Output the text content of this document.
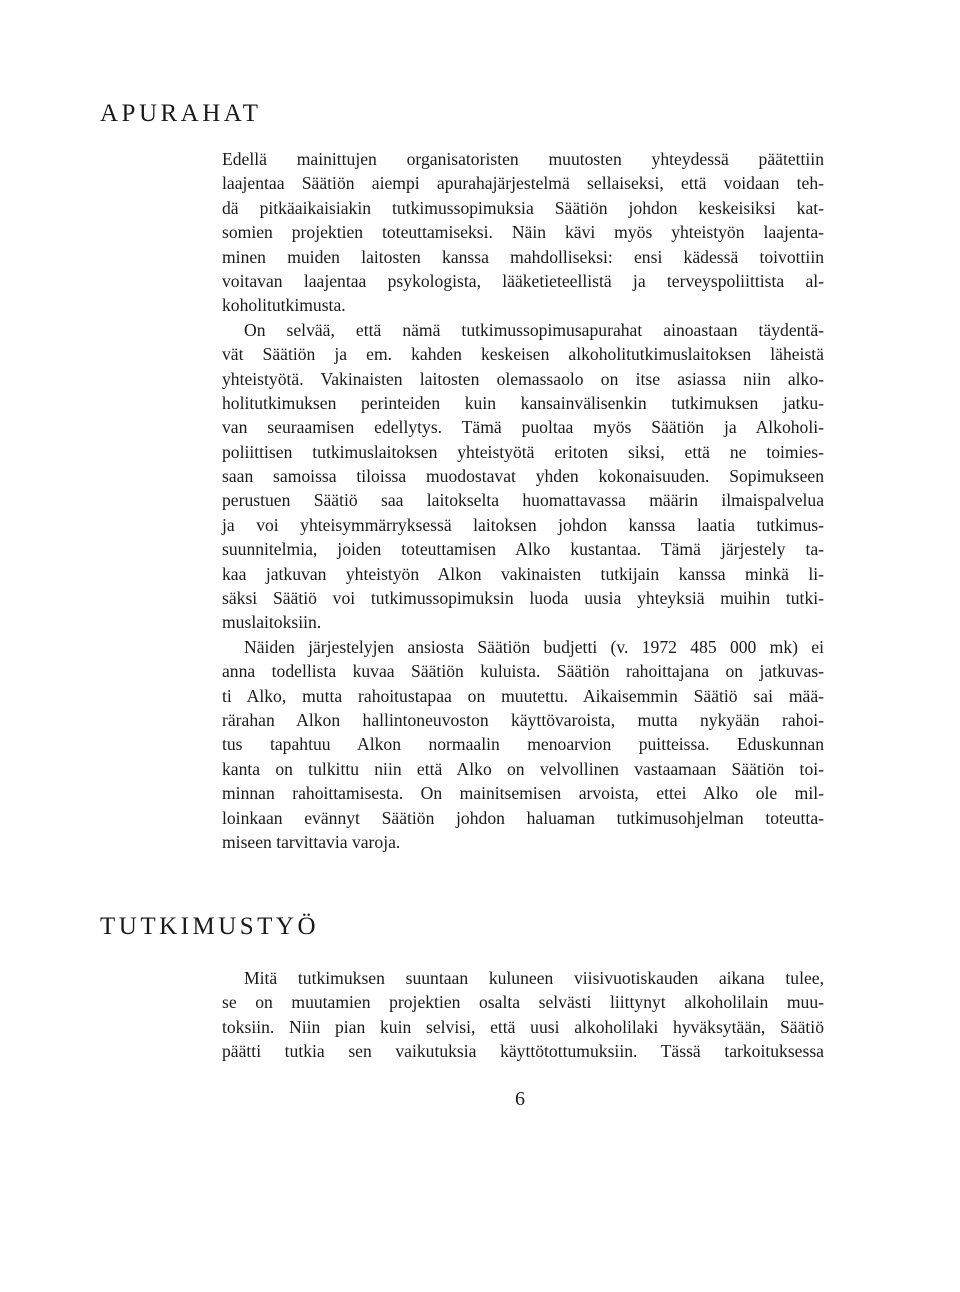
APURAHAT
Edellä mainittujen organisatoristen muutosten yhteydessä päätettiin
laajentaa Säätiön aiempi apurahajärjestelmä sellaiseksi, että voidaan teh-
dä pitkäaikaisiakin tutkimussopimuksia Säätiön johdon keskeisiksi kat-
somien projektien toteuttamiseksi. Näin kävi myös yhteistyön laajenta-
minen muiden laitosten kanssa mahdolliseksi: ensi kädessä toivottiin
voitavan laajentaa psykologista, lääketieteellistä ja terveyspoliittista al-
koholitutkimusta.
On selvää, että nämä tutkimussopimusapurahat ainoastaan täydentä-
vät Säätiön ja em. kahden keskeisen alkoholitutkimuslaitoksen läheistä
yhteistyötä. Vakinaisten laitosten olemassaolo on itse asiassa niin alko-
holitutkimuksen perinteiden kuin kansainvälisenkin tutkimuksen jatku-
van seuraamisen edellytys. Tämä puoltaa myös Säätiön ja Alkoholi-
poliittisen tutkimuslaitoksen yhteistyötä eritoten siksi, että ne toimies-
saan samoissa tiloissa muodostavat yhden kokonaisuuden. Sopimukseen
perustuen Säätiö saa laitokselta huomattavassa määrin ilmaispalvelua
ja voi yhteisymmärryksessä laitoksen johdon kanssa laatia tutkimus-
suunnitelmia, joiden toteuttamisen Alko kustantaa. Tämä järjestely ta-
kaa jatkuvan yhteistyön Alkon vakinaisten tutkijain kanssa minkä li-
säksi Säätiö voi tutkimussopimuksin luoda uusia yhteyksiä muihin tutki-
muslaitoksiin.
Näiden järjestelyjen ansiosta Säätiön budjetti (v. 1972 485 000 mk) ei
anna todellista kuvaa Säätiön kuluista. Säätiön rahoittajana on jatkuvas-
ti Alko, mutta rahoitustapaa on muutettu. Aikaisemmin Säätiö sai mää-
rärahan Alkon hallintoneuvoston käyttövaroista, mutta nykyään rahoi-
tus tapahtuu Alkon normaalin menoarvion puitteissa. Eduskunnan
kanta on tulkittu niin että Alko on velvollinen vastaamaan Säätiön toi-
minnan rahoittamisesta. On mainitsemisen arvoista, ettei Alko ole mil-
loinkaan evännyt Säätiön johdon haluaman tutkimusohjelman toteutta-
miseen tarvittavia varoja.
TUTKIMUSTYÖ
Mitä tutkimuksen suuntaan kuluneen viisivuotiskauden aikana tulee,
se on muutamien projektien osalta selvästi liittynyt alkoholilain muu-
toksiin. Niin pian kuin selvisi, että uusi alkoholilaki hyväksytään, Säätiö
päätti tutkia sen vaikutuksia käyttötottumuksiin. Tässä tarkoituksessa
6
